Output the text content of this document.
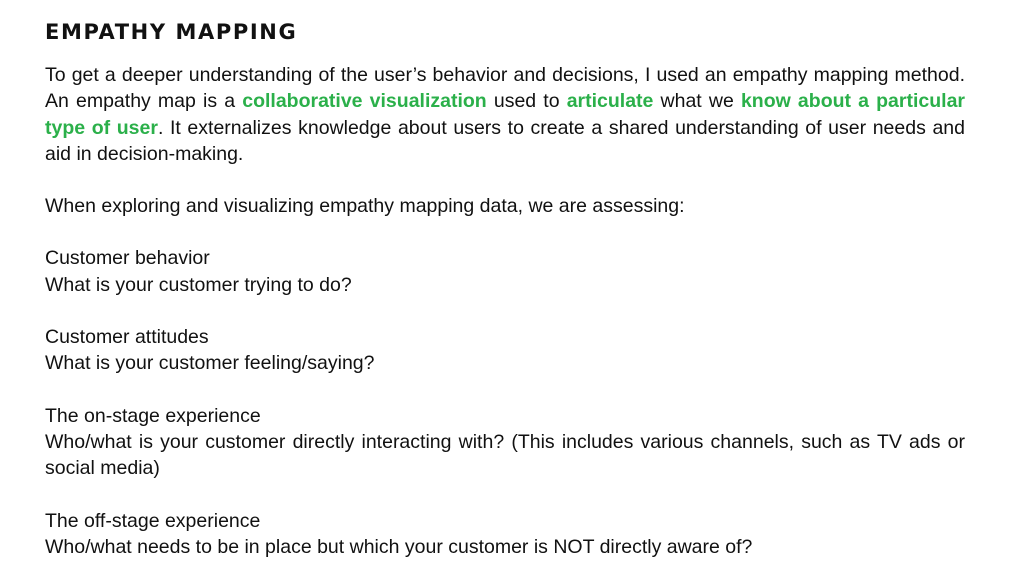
EMPATHY MAPPING

To get a deeper understanding of the user’s behavior and decisions, I used an empathy mapping method. An empathy map is a collaborative visualization used to articulate what we know about a particular type of user. It externalizes knowledge about users to create a shared understanding of user needs and aid in decision-making.

When exploring and visualizing empathy mapping data, we are assessing:

Customer behavior

What is your customer trying to do?

Customer attitudes

What is your customer feeling/saying?

The on-stage experience

Who/what is your customer directly interacting with? (This includes various channels, such as TV ads or social media)

The off-stage experience

Who/what needs to be in place but which your customer is NOT directly aware of?
